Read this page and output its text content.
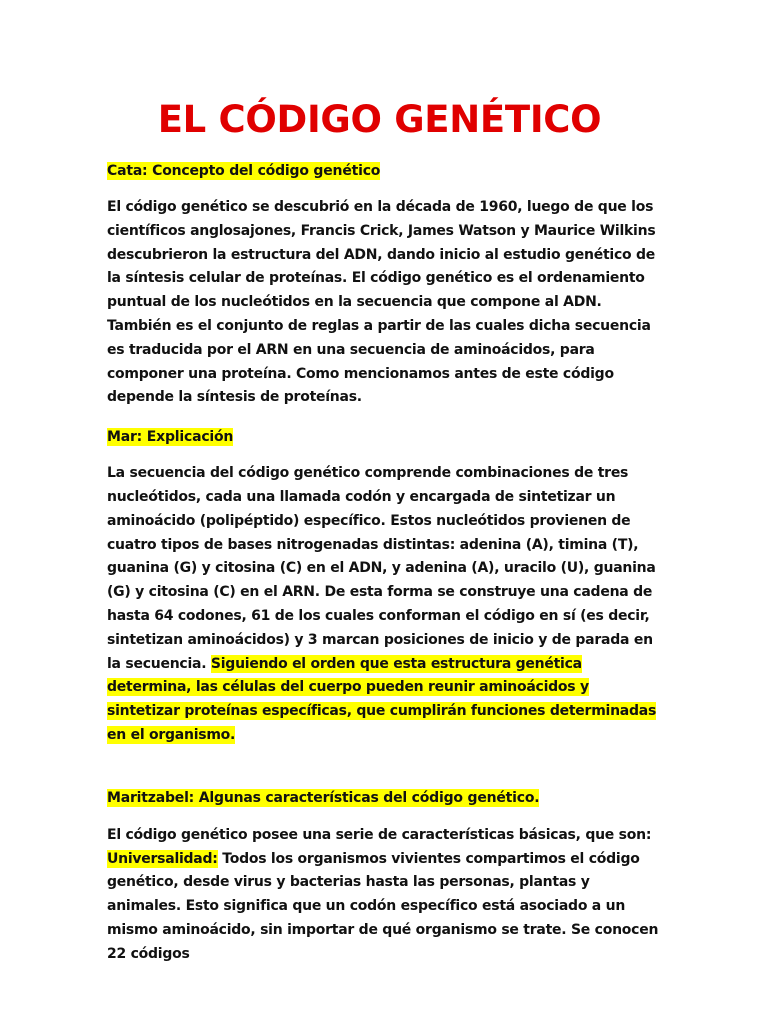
EL CÓDIGO GENÉTICO

Cata: Concepto del código genético

El código genético se descubrió en la década de 1960, luego de que los científicos anglosajones, Francis Crick, James Watson y Maurice Wilkins descubrieron la estructura del ADN, dando inicio al estudio genético de la síntesis celular de proteínas. El código genético es el ordenamiento puntual de los nucleótidos en la secuencia que compone al ADN. También es el conjunto de reglas a partir de las cuales dicha secuencia es traducida por el ARN en una secuencia de aminoácidos, para componer una proteína. Como mencionamos antes de este código depende la síntesis de proteínas.

Mar: Explicación

La secuencia del código genético comprende combinaciones de tres nucleótidos, cada una llamada codón y encargada de sintetizar un aminoácido (polipéptido) específico. Estos nucleótidos provienen de cuatro tipos de bases nitrogenadas distintas: adenina (A), timina (T), guanina (G) y citosina (C) en el ADN, y adenina (A), uracilo (U), guanina (G) y citosina (C) en el ARN. De esta forma se construye una cadena de hasta 64 codones, 61 de los cuales conforman el código en sí (es decir, sintetizan aminoácidos) y 3 marcan posiciones de inicio y de parada en la secuencia. Siguiendo el orden que esta estructura genética determina, las células del cuerpo pueden reunir aminoácidos y sintetizar proteínas específicas, que cumplirán funciones determinadas en el organismo.

Maritzabel: Algunas características del código genético.

El código genético posee una serie de características básicas, que son:
Universalidad: Todos los organismos vivientes compartimos el código genético, desde virus y bacterias hasta las personas, plantas y animales. Esto significa que un codón específico está asociado a un mismo aminoácido, sin importar de qué organismo se trate. Se conocen 22 códigos
